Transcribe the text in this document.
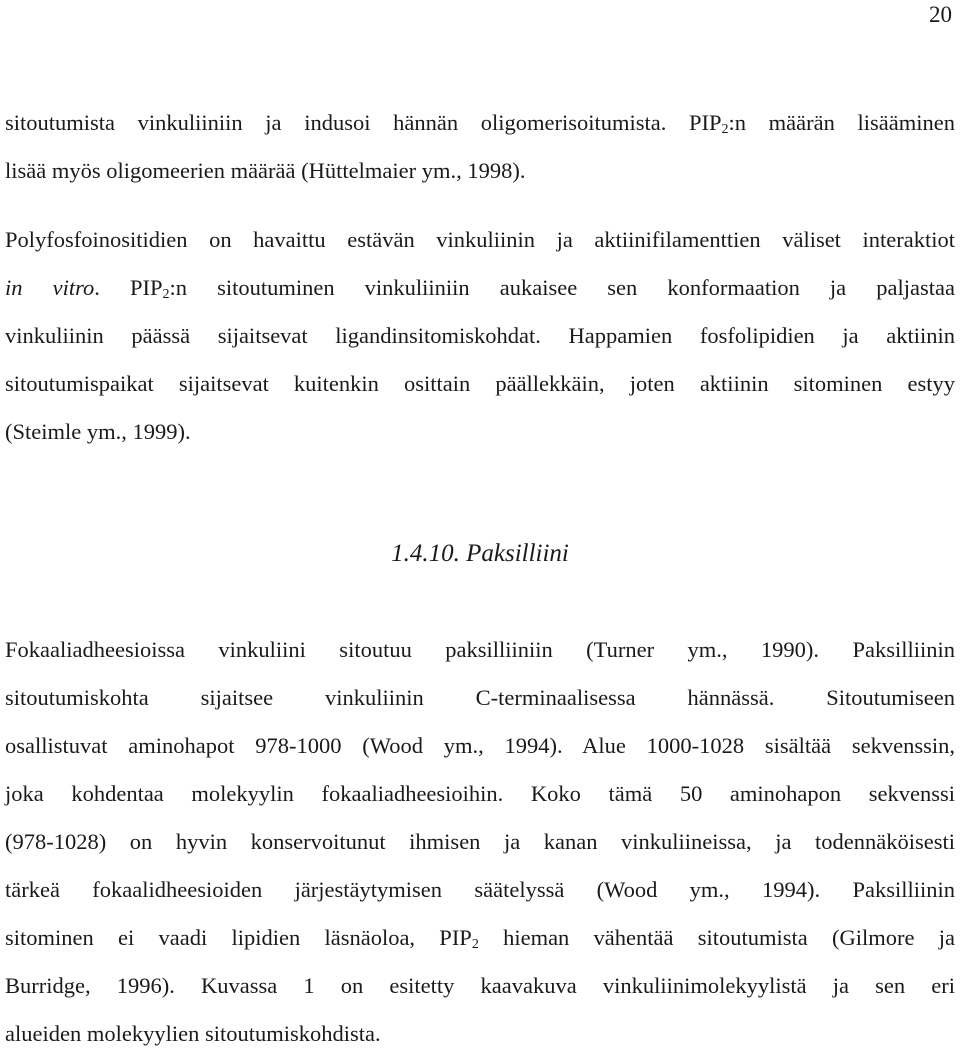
20
sitoutumista vinkuliiniin ja indusoi hännän oligomerisoitumista. $PIP_2:n$ määrän lisääminen
lisää myös oligomeerien määrää (Hüttelmaier ym., 1998).
Polyfosfoinositidien on havaittu estävän vinkuliinin ja aktiinifilamenttien väliset interaktiot
in vitro. $PIP_2:n$ sitoutuminen vinkuliiniin aukaisee sen konformaation ja paljastaa
vinkuliinin päässä sijaitsevat ligandinsitomiskohdat. Happamien fosfolipidien ja aktiinin
sitoutumispaikat sijaitsevat kuitenkin osittain päällekkäin, joten aktiinin sitominen estyy
(Steimle ym., 1999).
1.4.10. Paksilliini
Fokaaliadheesioissa vinkuliini sitoutuu paksilliiniin (Turner ym., 1990). Paksilliinin
sitoutumiskohta sijaitsee vinkuliinin C-terminaalisessa hännässä. Sitoutumiseen
osallistuvat aminohapot 978-1000 (Wood ym., 1994). Alue 1000-1028 sisältää sekvenssin,
joka kohdentaa molekyylin fokaaliadheesioihin. Koko tämä 50 aminohapon sekvenssi
(978-1028) on hyvin konservoitunut ihmisen ja kanan vinkuliineissa, ja todennäköisesti
tärkeä fokaalidheesioiden järjestäytymisen säätelyssä (Wood ym., 1994). Paksilliinin
sitominen ei vaadi lipidien läsnäoloa, $PIP_2$ hieman vähentää sitoutumista (Gilmore ja
Burridge, 1996). Kuvassa 1 on esitetty kaavakuva vinkuliinimolekyylistä ja sen eri
alueiden molekyylien sitoutumiskohdista.
